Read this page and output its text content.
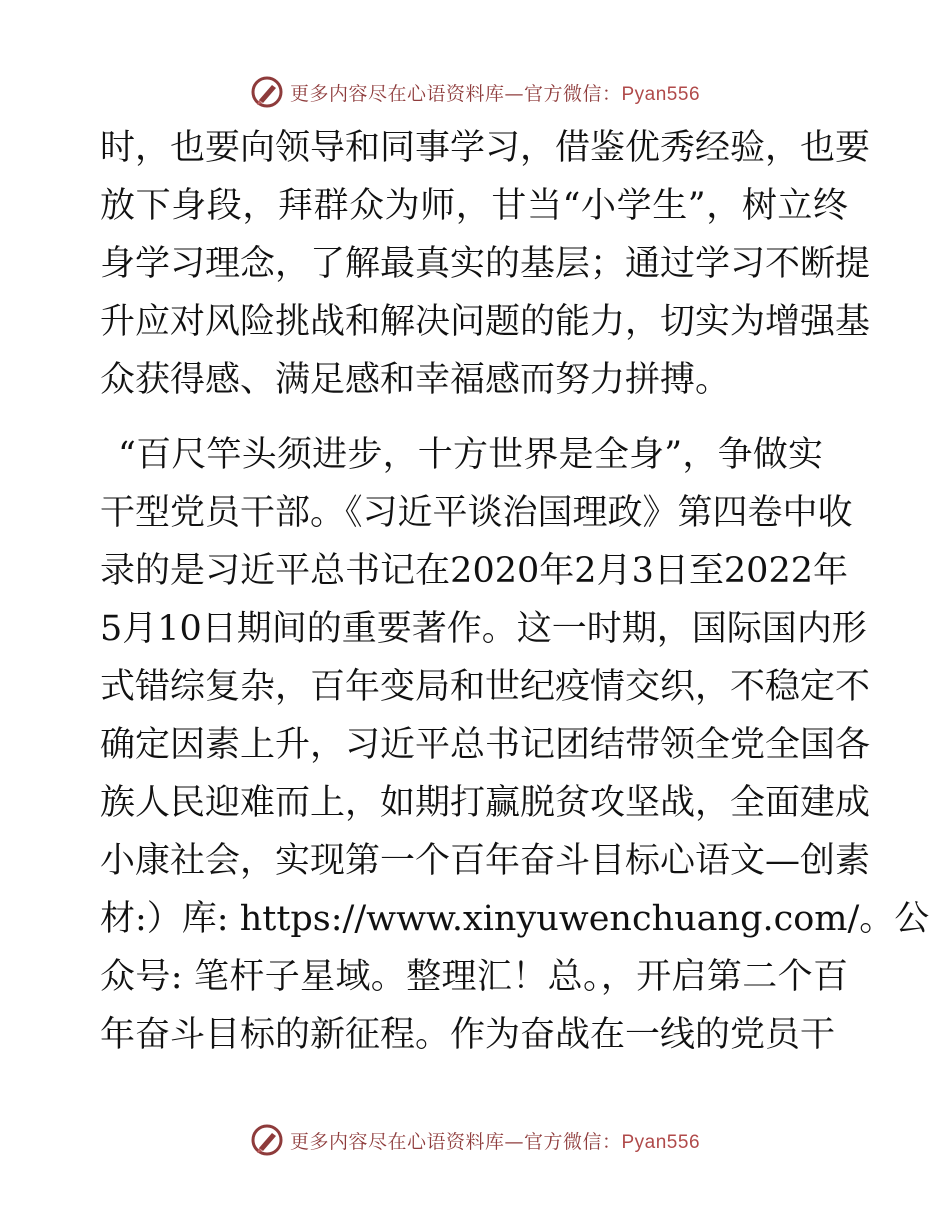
更多内容尽在心语资料库—官方微信：Pyan556
时，也要向领导和同事学习，借鉴优秀经验，也要
放下身段，拜群众为师，甘当“小学生”，树立终
身学习理念，了解最真实的基层；通过学习不断提
升应对风险挑战和解决问题的能力，切实为增强基
众获得感、满足感和幸福感而努力拼搏。
“百尺竿头须进步，十方世界是全身”，争做实
干型党员干部。《习近平谈治国理政》第四卷中收
录的是习近平总书记在2020年2月3日至2022年
5月10日期间的重要著作。这一时期，国际国内形
式错综复杂，百年变局和世纪疫情交织，不稳定不
确定因素上升，习近平总书记团结带领全党全国各
族人民迎难而上，如期打赢脱贫攻坚战，全面建成
小康社会，实现第一个百年奋斗目标心语文—创素
材:）库: https://www.xinyuwenchuang.com/。公
众号: 笔杆子星域。整理汇！总。，开启第二个百
年奋斗目标的新征程。作为奋战在一线的党员干
更多内容尽在心语资料库—官方微信：Pyan556
